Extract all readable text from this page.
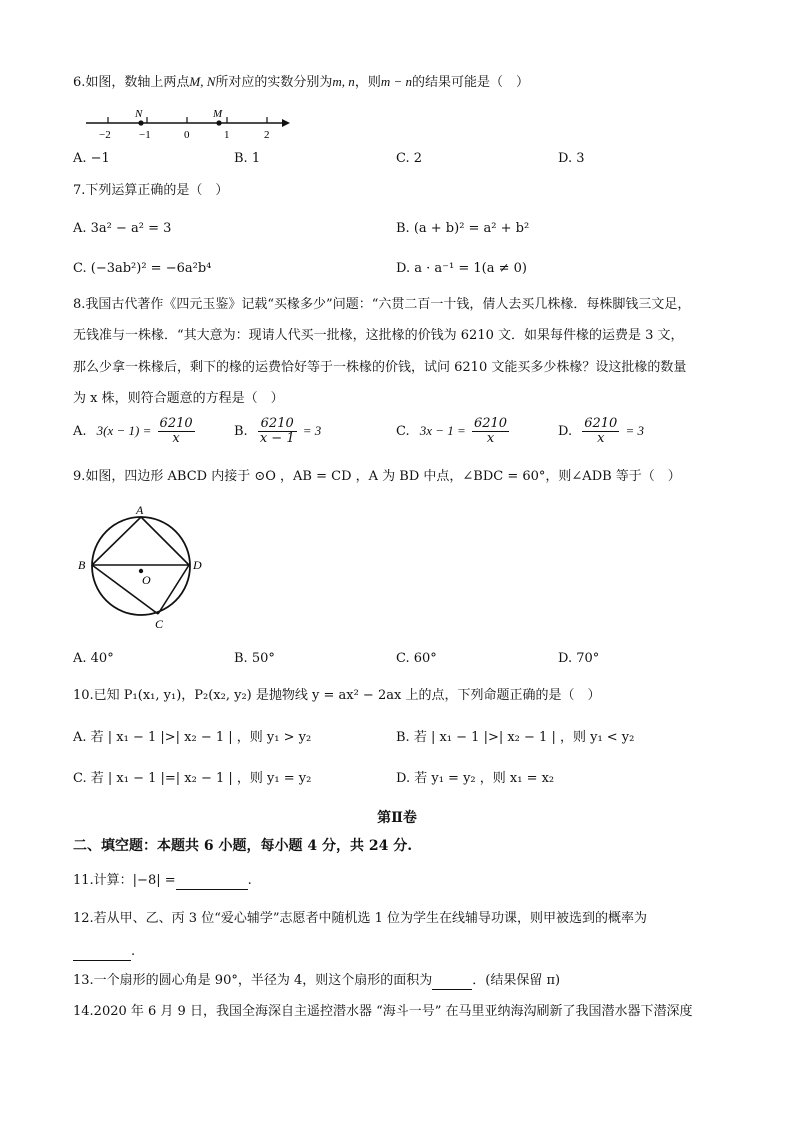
6.如图，数轴上两点M, N所对应的实数分别为m, n，则m − n的结果可能是（　）
N	M
−2	−1	0	1	2
A. −1	B. 1	C. 2	D. 3
7.下列运算正确的是（　）
A. 3a² − a² = 3	B. (a + b)² = a² + b²
C. (−3ab²)² = −6a²b⁴	D. a · a⁻¹ = 1(a ≠ 0)
8.我国古代著作《四元玉鉴》记载“买椽多少”问题：“六贯二百一十钱，倩人去买几株椽．每株脚钱三文足，
无钱准与一株椽．“其大意为：现请人代买一批椽，这批椽的价钱为 6210 文．如果每件椽的运费是 3 文，
那么少拿一株椽后，剩下的椽的运费恰好等于一株椽的价钱，试问 6210 文能买多少株椽？设这批椽的数量
为 x 株，则符合题意的方程是（　）
A. $3(x - 1) = \frac{6210}{x}$	B. $\frac{6210}{x - 1} = 3$	C. $3x - 1 = \frac{6210}{x}$	D. $\frac{6210}{x} = 3$
9.如图，四边形 ABCD 内接于 ⊙O ，AB = CD ，A 为 BD 中点，∠BDC = 60°，则∠ADB 等于（　）
A
B
C
D
O
A. 40°	B. 50°	C. 60°	D. 70°
10.已知 P₁(x₁, y₁)，P₂(x₂, y₂) 是抛物线 y = ax² − 2ax 上的点，下列命题正确的是（　）
A. 若 | x₁ − 1 |>| x₂ − 1 | ，则 y₁ > y₂	B. 若 | x₁ − 1 |>| x₂ − 1 | ，则 y₁ < y₂
C. 若 | x₁ − 1 |=| x₂ − 1 | ，则 y₁ = y₂	D. 若 y₁ = y₂ ，则 x₁ = x₂
第Ⅱ卷
二、填空题：本题共 6 小题，每小题 4 分，共 24 分.
11.计算：|−8| =	.
12.若从甲、乙、丙 3 位“爱心辅学”志愿者中随机选 1 位为学生在线辅导功课，则甲被选到的概率为
.
13.一个扇形的圆心角是 90°，半径为 4，则这个扇形的面积为	．(结果保留 π)
14.2020 年 6 月 9 日，我国全海深自主遥控潜水器 “海斗一号” 在马里亚纳海沟刷新了我国潜水器下潜深度
